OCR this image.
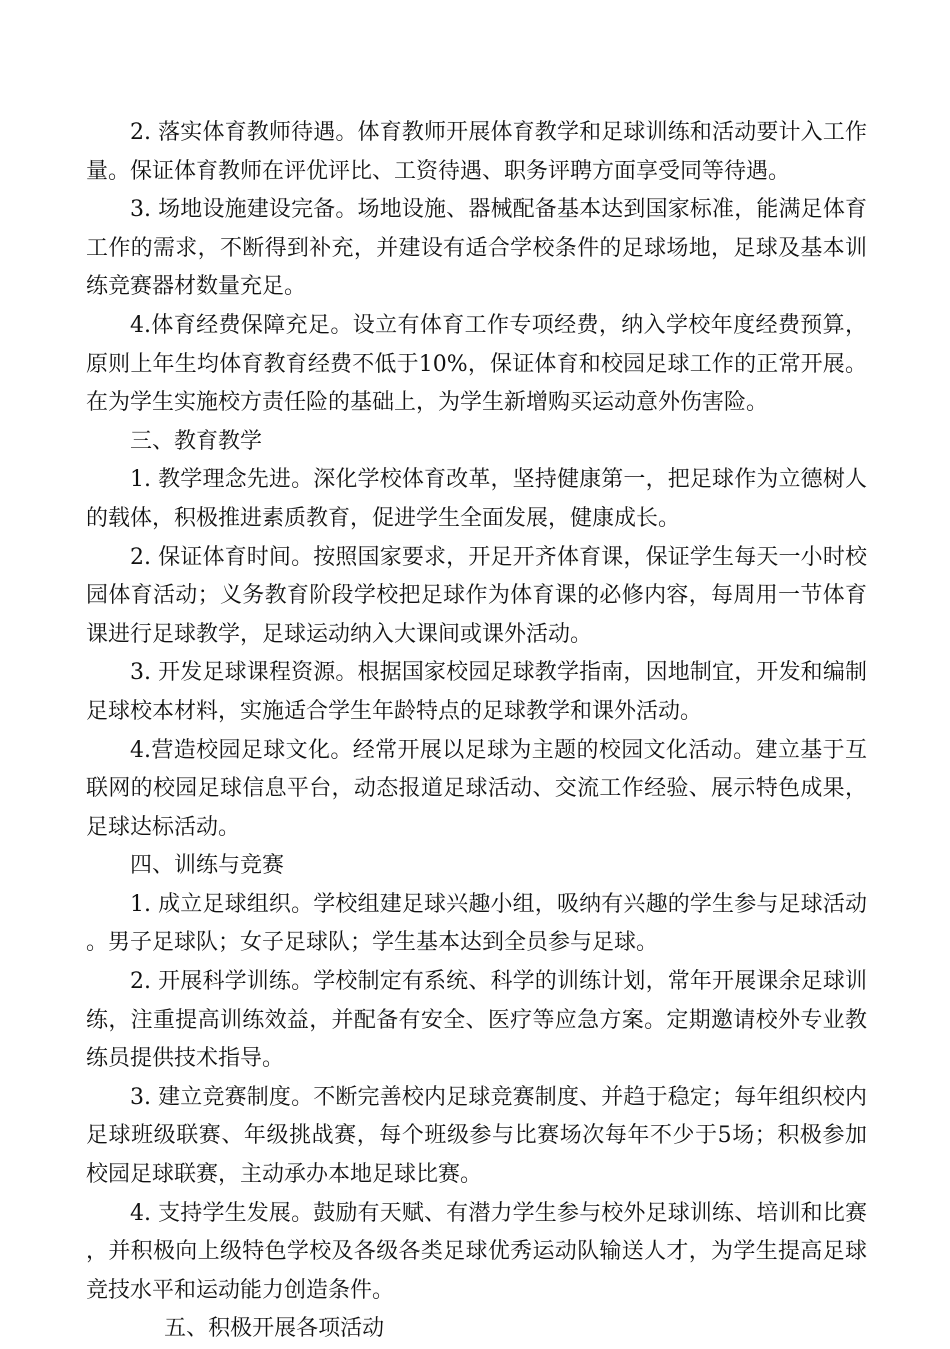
2. 落实体育教师待遇。体育教师开展体育教学和足球训练和活动要计入工作量。保证体育教师在评优评比、工资待遇、职务评聘方面享受同等待遇。

3. 场地设施建设完备。场地设施、器械配备基本达到国家标准，能满足体育工作的需求，不断得到补充，并建设有适合学校条件的足球场地，足球及基本训练竞赛器材数量充足。

4.体育经费保障充足。设立有体育工作专项经费，纳入学校年度经费预算，原则上年生均体育教育经费不低于10%，保证体育和校园足球工作的正常开展。在为学生实施校方责任险的基础上，为学生新增购买运动意外伤害险。

三、教育教学

1. 教学理念先进。深化学校体育改革，坚持健康第一，把足球作为立德树人的载体，积极推进素质教育，促进学生全面发展，健康成长。

2. 保证体育时间。按照国家要求，开足开齐体育课，保证学生每天一小时校园体育活动；义务教育阶段学校把足球作为体育课的必修内容，每周用一节体育课进行足球教学，足球运动纳入大课间或课外活动。

3. 开发足球课程资源。根据国家校园足球教学指南，因地制宜，开发和编制足球校本材料，实施适合学生年龄特点的足球教学和课外活动。

4.营造校园足球文化。经常开展以足球为主题的校园文化活动。建立基于互联网的校园足球信息平台，动态报道足球活动、交流工作经验、展示特色成果，足球达标活动。

四、训练与竞赛

1. 成立足球组织。学校组建足球兴趣小组，吸纳有兴趣的学生参与足球活动。男子足球队；女子足球队；学生基本达到全员参与足球。

2. 开展科学训练。学校制定有系统、科学的训练计划，常年开展课余足球训练，注重提高训练效益，并配备有安全、医疗等应急方案。定期邀请校外专业教练员提供技术指导。

3. 建立竞赛制度。不断完善校内足球竞赛制度、并趋于稳定；每年组织校内足球班级联赛、年级挑战赛，每个班级参与比赛场次每年不少于5场；积极参加校园足球联赛，主动承办本地足球比赛。

4. 支持学生发展。鼓励有天赋、有潜力学生参与校外足球训练、培训和比赛，并积极向上级特色学校及各级各类足球优秀运动队输送人才，为学生提高足球竞技水平和运动能力创造条件。

五、积极开展各项活动
